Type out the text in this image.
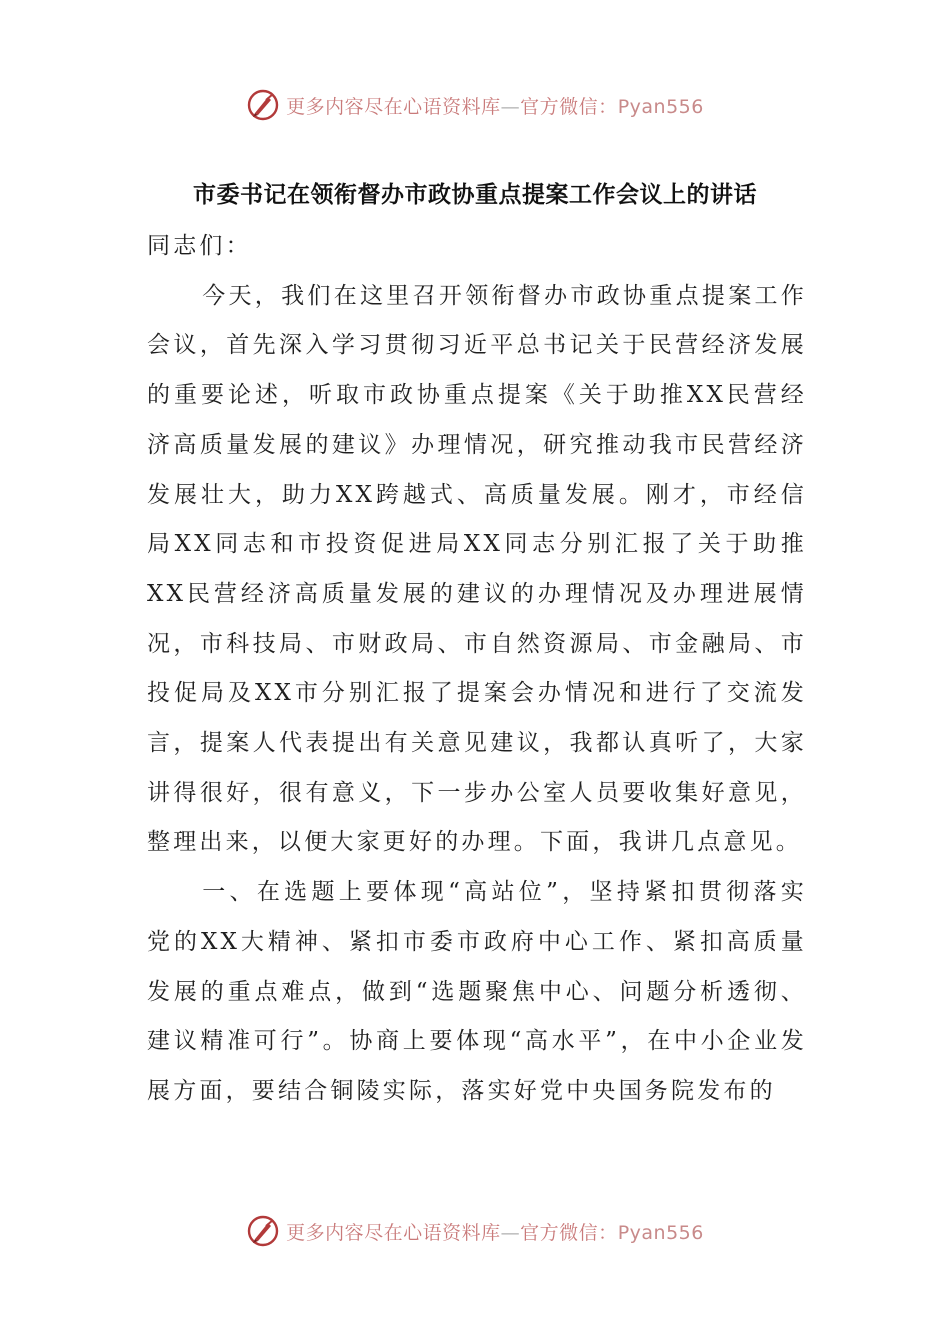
更多内容尽在心语资料库—官方微信：Pyan556
市委书记在领衔督办市政协重点提案工作会议上的讲话

同志们：

今天，我们在这里召开领衔督办市政协重点提案工作会议，首先深入学习贯彻习近平总书记关于民营经济发展的重要论述，听取市政协重点提案《关于助推XX民营经济高质量发展的建议》办理情况，研究推动我市民营经济发展壮大，助力XX跨越式、高质量发展。刚才，市经信局XX同志和市投资促进局XX同志分别汇报了关于助推XX民营经济高质量发展的建议的办理情况及办理进展情况，市科技局、市财政局、市自然资源局、市金融局、市投促局及XX市分别汇报了提案会办情况和进行了交流发言，提案人代表提出有关意见建议，我都认真听了，大家讲得很好，很有意义，下一步办公室人员要收集好意见，整理出来，以便大家更好的办理。下面，我讲几点意见。

一、在选题上要体现“高站位”，坚持紧扣贯彻落实党的XX大精神、紧扣市委市政府中心工作、紧扣高质量发展的重点难点，做到“选题聚焦中心、问题分析透彻、建议精准可行”。协商上要体现“高水平”，在中小企业发展方面，要结合铜陵实际，落实好党中央国务院发布的

更多内容尽在心语资料库—官方微信：Pyan556
